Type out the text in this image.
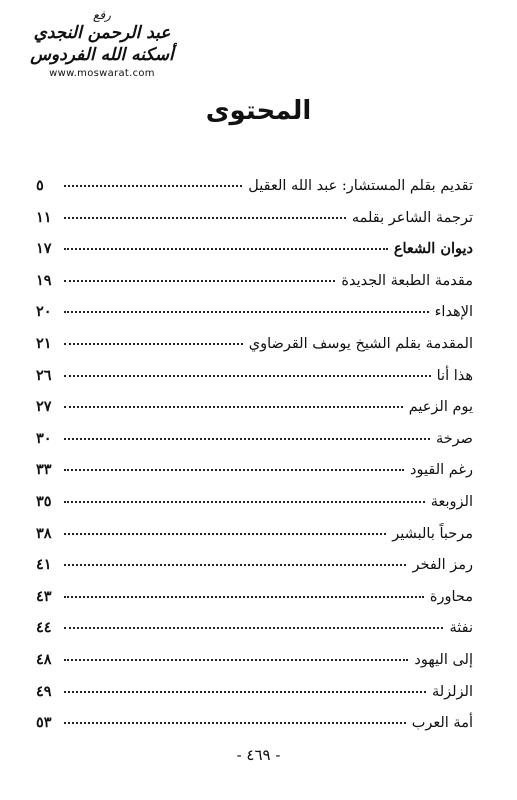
رفع
عبد الرحمن النجدي
أسكنه الله الفردوس
www.moswarat.com
المحتوى
تقديم بقلم المستشار: عبد الله العقيل
٥
ترجمة الشاعر بقلمه
١١
ديوان الشعاع
١٧
مقدمة الطبعة الجديدة
١٩
الإهداء
٢٠
المقدمة بقلم الشيخ يوسف القرضاوي
٢١
هذا أنا
٢٦
يوم الزعيم
٢٧
صرخة
٣٠
رغم القيود
٣٣
الزوبعة
٣٥
مرحباً بالبشير
٣٨
رمز الفخر
٤١
محاورة
٤٣
نفثة
٤٤
إلى اليهود
٤٨
الزلزلة
٤٩
أمة العرب
٥٣
- ٤٦٩ -
